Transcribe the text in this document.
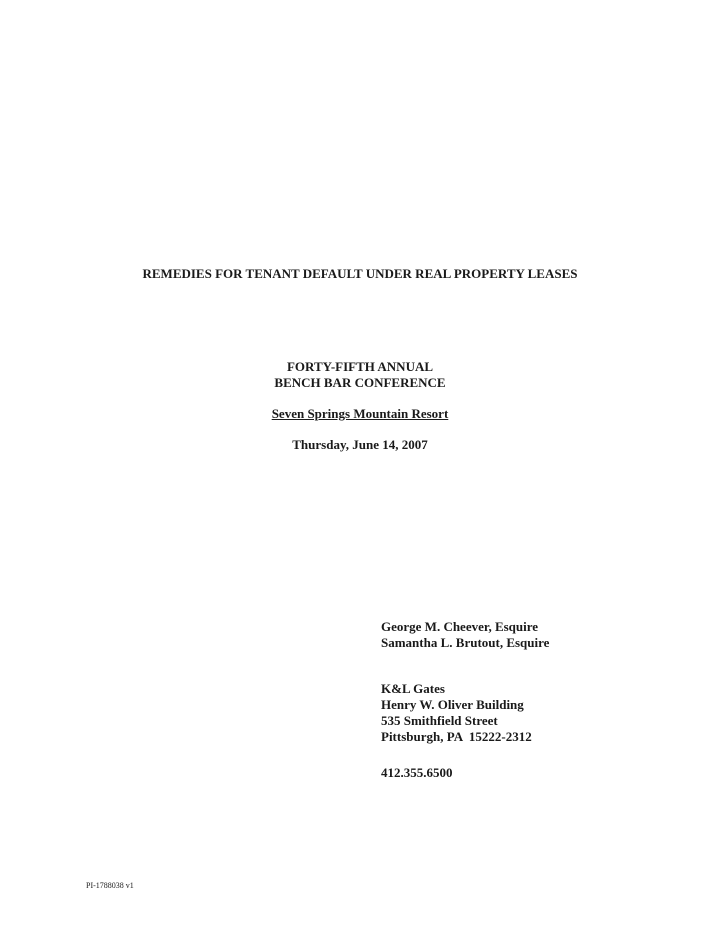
REMEDIES FOR TENANT DEFAULT UNDER REAL PROPERTY LEASES
FORTY-FIFTH ANNUAL
BENCH BAR CONFERENCE
Seven Springs Mountain Resort
Thursday, June 14, 2007
George M. Cheever, Esquire
Samantha L. Brutout, Esquire
K&L Gates
Henry W. Oliver Building
535 Smithfield Street
Pittsburgh, PA  15222-2312
412.355.6500
PI-1788038 v1
